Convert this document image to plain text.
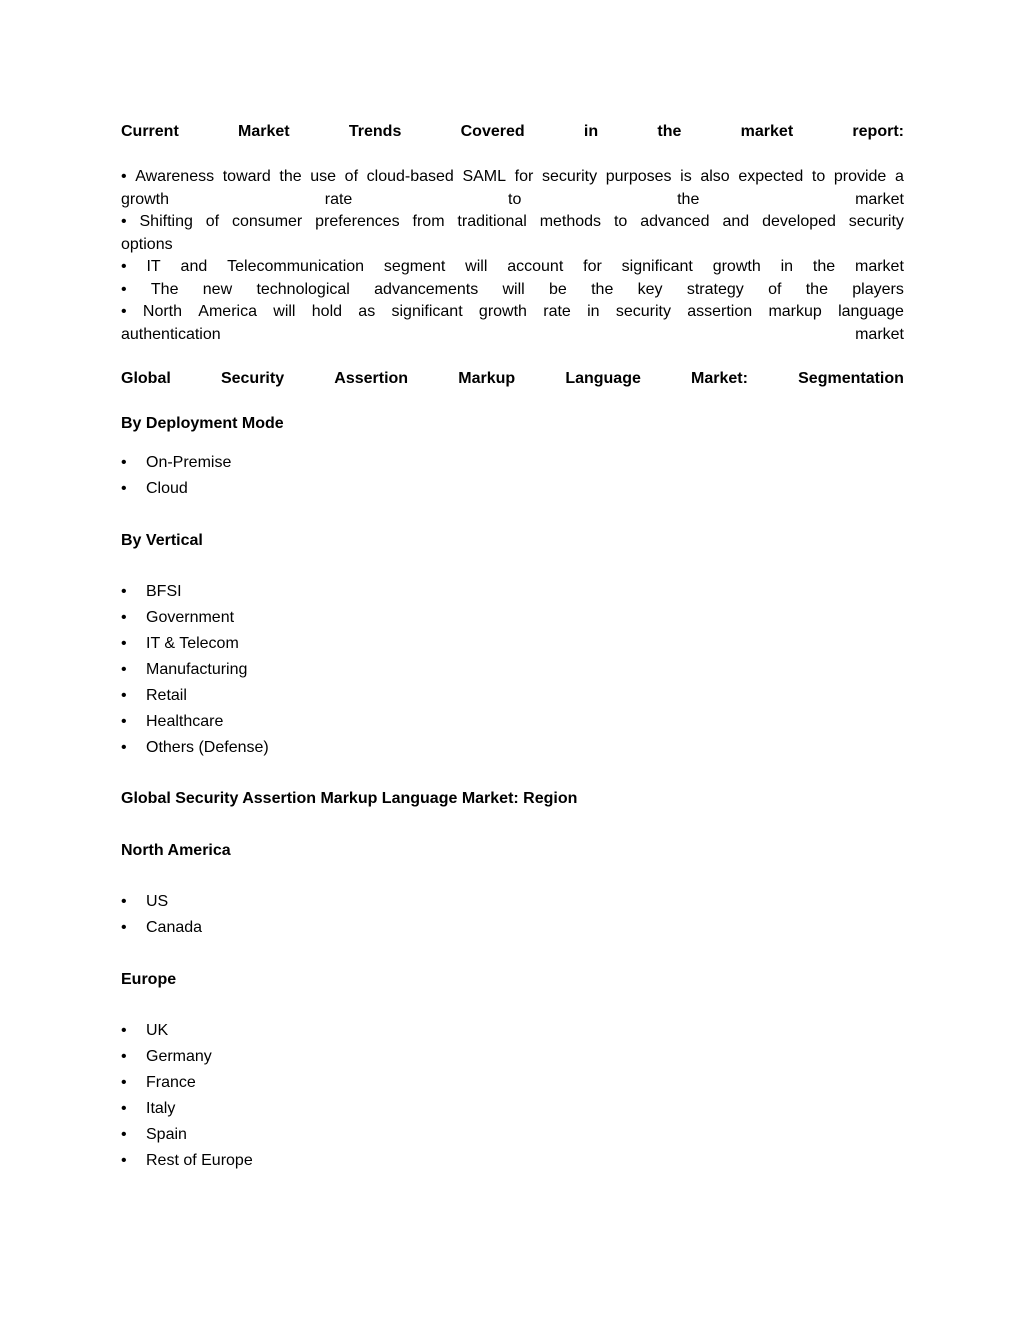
Current	Market	Trends	Covered	in	the	market	report:
• Awareness toward the use of cloud-based SAML for security purposes is also expected to provide a
growth	rate	to	the	market
• Shifting of consumer preferences from traditional methods to advanced and developed security
options
• IT and Telecommunication segment will account for significant growth in the market
• The new technological advancements will be the key strategy of the players
• North America will hold as significant growth rate in security assertion markup language
authentication	market
Global	Security	Assertion	Markup	Language	Market:	Segmentation
By Deployment Mode
• On-Premise
• Cloud
By Vertical
• BFSI
• Government
• IT & Telecom
• Manufacturing
• Retail
• Healthcare
• Others (Defense)
Global Security Assertion Markup Language Market: Region
North America
• US
• Canada
Europe
• UK
• Germany
• France
• Italy
• Spain
• Rest of Europe
